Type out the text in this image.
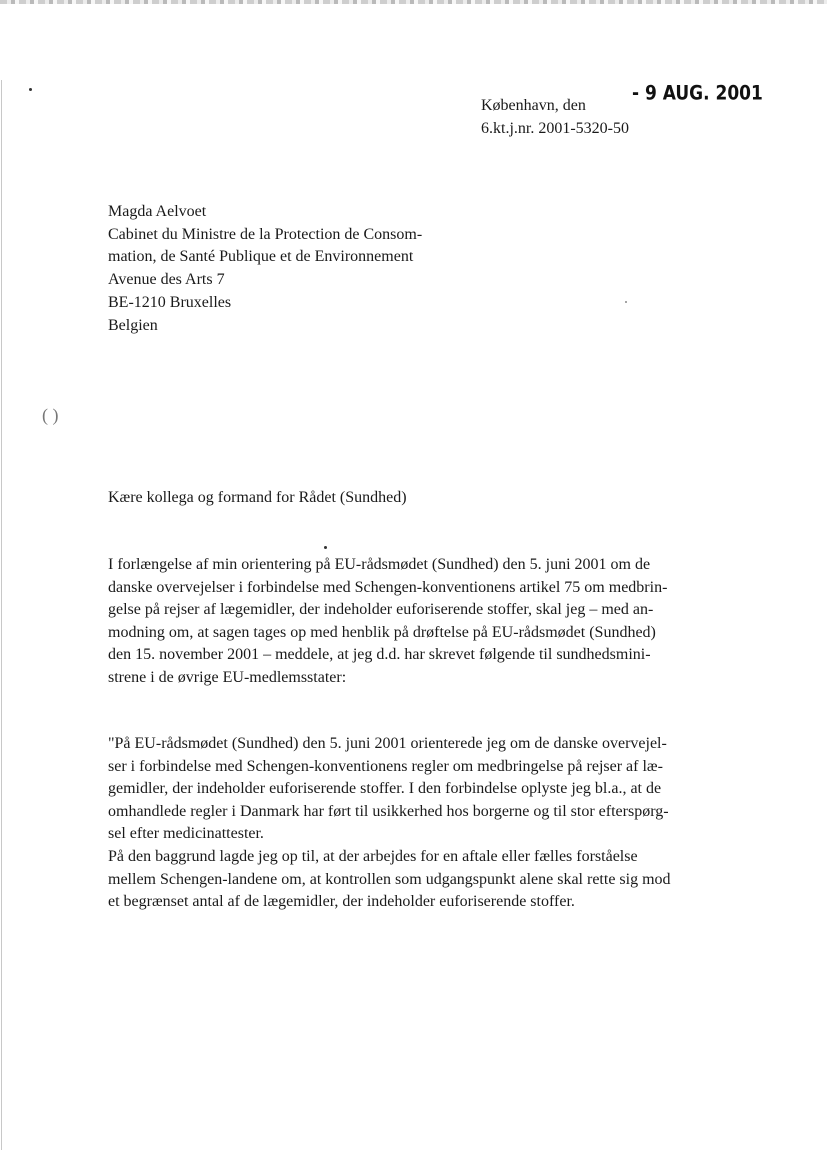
( )
København, den
6.kt.j.nr. 2001-5320-50
- 9 AUG. 2001
Magda Aelvoet
Cabinet du Ministre de la Protection de Consom-
mation, de Santé Publique et de Environnement
Avenue des Arts 7
BE-1210 Bruxelles
Belgien
Kære kollega og formand for Rådet (Sundhed)
I forlængelse af min orientering på EU-rådsmødet (Sundhed) den 5. juni 2001 om de
danske overvejelser i forbindelse med Schengen-konventionens artikel 75 om medbrin-
gelse på rejser af lægemidler, der indeholder euforiserende stoffer, skal jeg – med an-
modning om, at sagen tages op med henblik på drøftelse på EU-rådsmødet (Sundhed)
den 15. november 2001 – meddele, at jeg d.d. har skrevet følgende til sundhedsmini-
strene i de øvrige EU-medlemsstater:
"På EU-rådsmødet (Sundhed) den 5. juni 2001 orienterede jeg om de danske overvejel-
ser i forbindelse med Schengen-konventionens regler om medbringelse på rejser af læ-
gemidler, der indeholder euforiserende stoffer. I den forbindelse oplyste jeg bl.a., at de
omhandlede regler i Danmark har ført til usikkerhed hos borgerne og til stor efterspørg-
sel efter medicinattester.
På den baggrund lagde jeg op til, at der arbejdes for en aftale eller fælles forståelse
mellem Schengen-landene om, at kontrollen som udgangspunkt alene skal rette sig mod
et begrænset antal af de lægemidler, der indeholder euforiserende stoffer.
